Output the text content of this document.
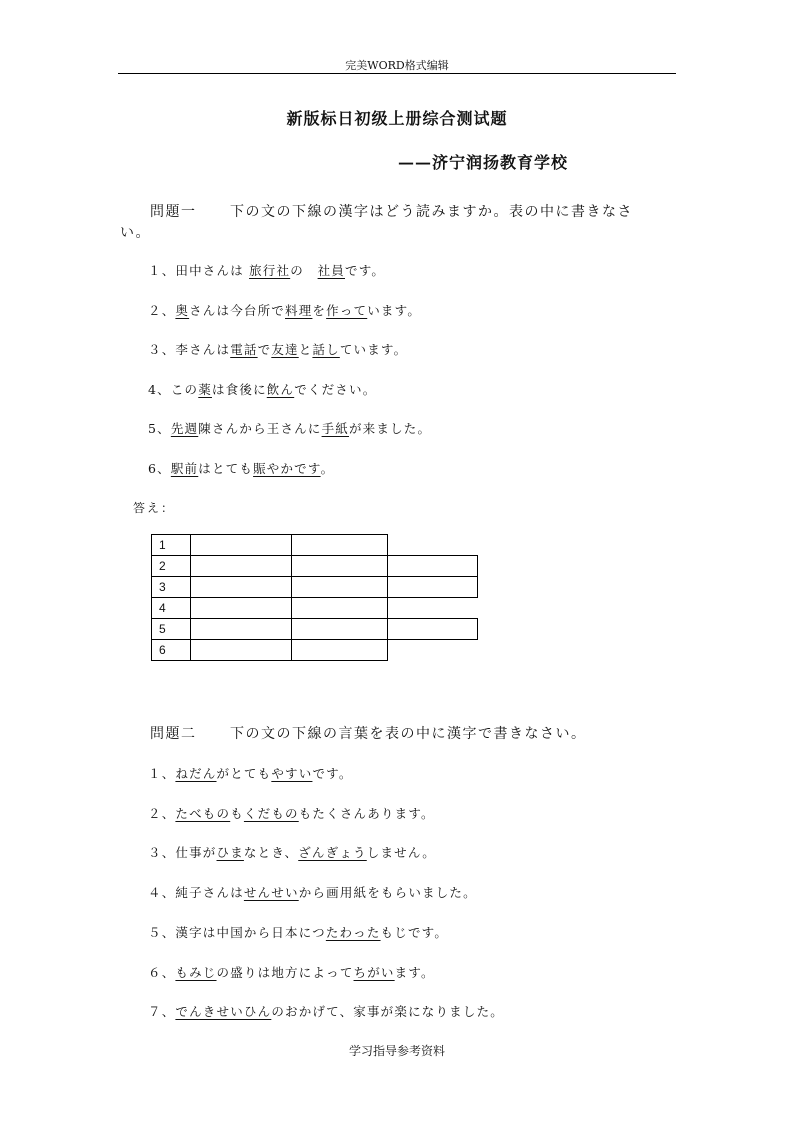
完美WORD格式编辑
新版标日初级上册综合测试题
——济宁润扬教育学校
問題一 下の文の下線の漢字はどう読みますか。表の中に書きなさ
い。
１、田中さんは 旅行社の　社員です。
２、奥さんは今台所で料理を作っています。
３、李さんは電話で友達と話しています。
4、この薬は食後に飲んでください。
5、先週陳さんから王さんに手紙が来ました。
6、駅前はとても賑やかです。
答え：
1			
2			
3			
4			
5			
6			
問題二 下の文の下線の言葉を表の中に漢字で書きなさい。
１、ねだんがとてもやすいです。
２、たべものもくだものもたくさんあります。
３、仕事がひまなとき、ざんぎょうしません。
４、純子さんはせんせいから画用紙をもらいました。
５、漢字は中国から日本につたわったもじです。
６、もみじの盛りは地方によってちがいます。
７、でんきせいひんのおかげて、家事が楽になりました。
学习指导参考资料
